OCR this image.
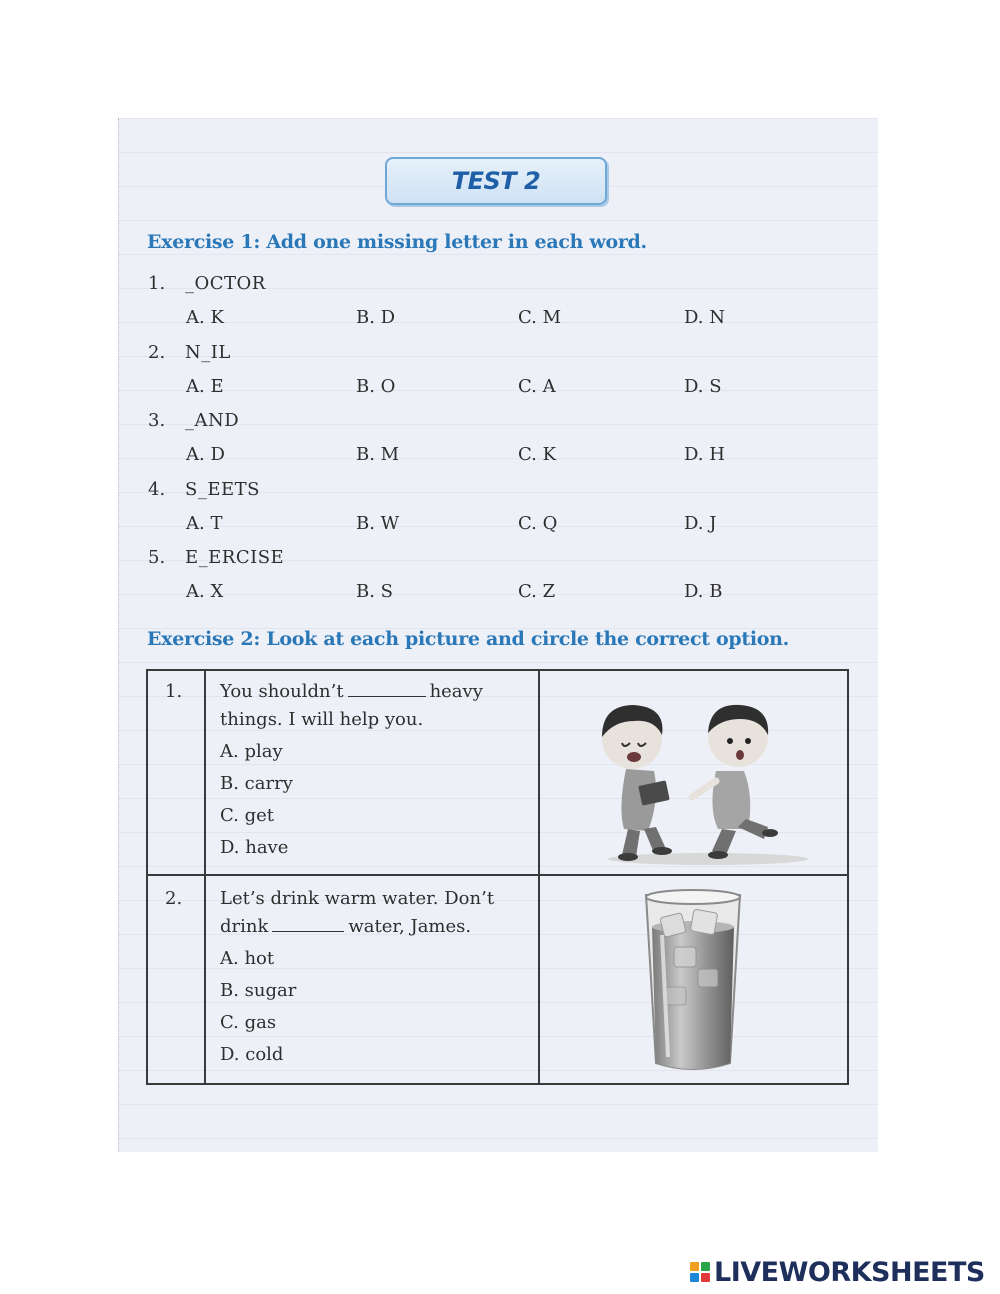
TEST 2
Exercise 1: Add one missing letter in each word.
1. _OCTOR
A. K	B. D	C. M	D. N
2. N_IL
A. E	B. O	C. A	D. S
3. _AND
A. D	B. M	C. K	D. H
4. S_EETS
A. T	B. W	C. Q	D. J
5. E_ERCISE
A. X	B. S	C. Z	D. B
Exercise 2: Look at each picture and circle the correct option.
1. You shouldn’t	heavy
things. I will help you.
A. play
B. carry
C. get
D. have
2. Let’s drink warm water. Don’t
drink	water, James.
A. hot
B. sugar
C. gas
D. cold
LIVEWORKSHEETS
